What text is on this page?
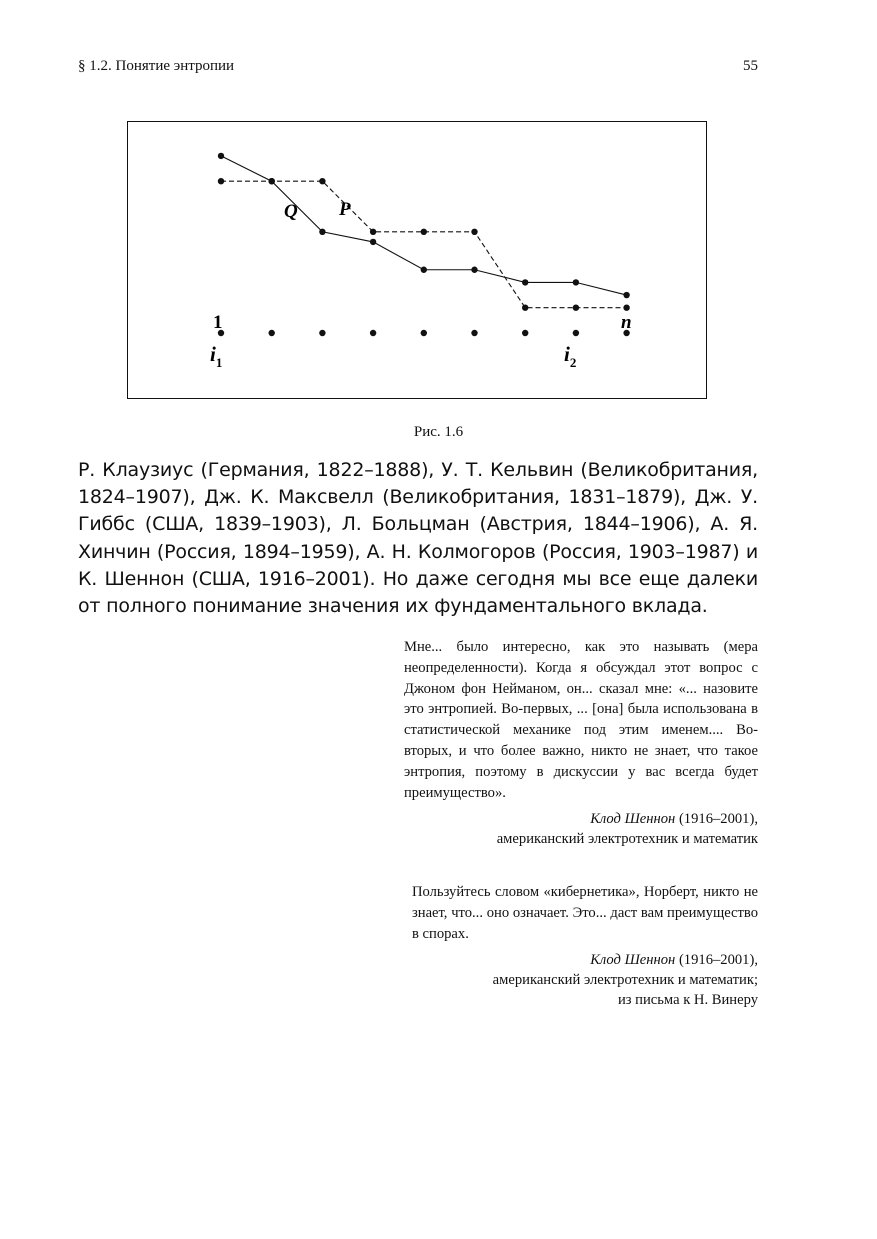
§ 1.2. Понятие энтропии	55
Q P
1	n
$i_1$	$i_2$
Рис. 1.6
Р. Клаузиус (Германия, 1822–1888), У. Т. Кельвин (Великобритания, 1824–1907), Дж. К. Максвелл (Великобритания, 1831–1879), Дж. У. Гиббс (США, 1839–1903), Л. Больцман (Австрия, 1844–1906), А. Я. Хинчин (Россия, 1894–1959), А. Н. Колмогоров (Россия, 1903–1987) и К. Шеннон (США, 1916–2001). Но даже сегодня мы все еще далеки от полного понимание значения их фундаментального вклада.
Мне... было интересно, как это называть (мера неопределенности). Когда я обсуждал этот вопрос с Джоном фон Нейманом, он... сказал мне: «... назовите это энтропией. Во-первых, ... [она] была использована в статистической механике под этим именем.... Во-вторых, и что более важно, никто не знает, что такое энтропия, поэтому в дискуссии у вас всегда будет преимущество».
Клод Шеннон (1916–2001),
американский электротехник и математик
Пользуйтесь словом «кибернетика», Норберт, никто не знает, что... оно означает. Это... даст вам преимущество в спорах.
Клод Шеннон (1916–2001),
американский электротехник и математик;
из письма к Н. Винеру
